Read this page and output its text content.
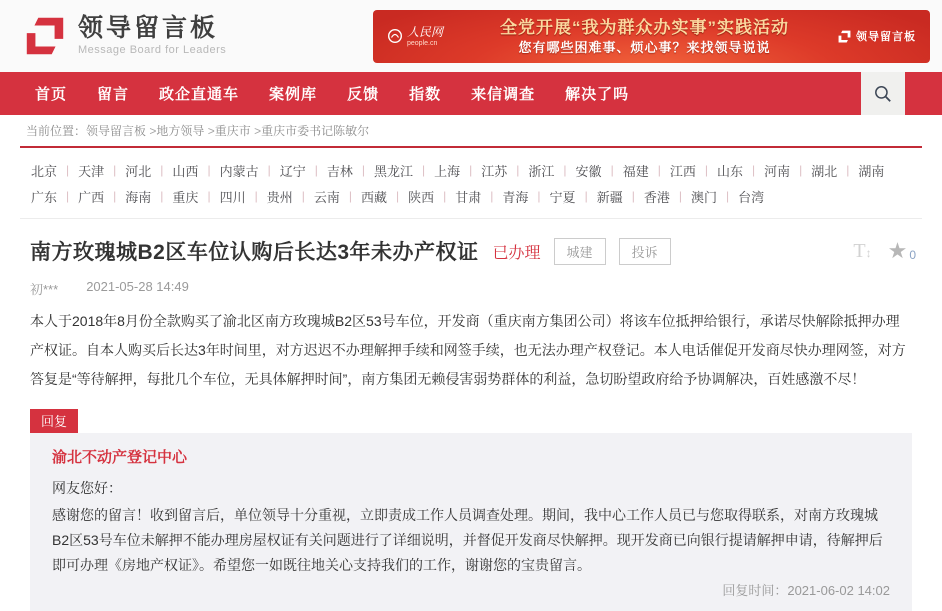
领导留言板
Message Board for Leaders
人民网
people.cn
全党开展“我为群众办实事”实践活动
您有哪些困难事、烦心事？来找领导说说
领导留言板
首页	留言	政企直通车	案例库	反馈	指数	来信调查	解决了吗
当前位置： 领导留言板 > 地方领导 > 重庆市 > 重庆市委书记陈敏尔
北京
|	天津
|	河北
|	山西
|	内蒙古
|	辽宁
|	吉林
|	黑龙江
|	上海
|	江苏
|	浙江
|	安徽
|	福建
|	江西
|	山东
|	河南
|	湖北
|	湖南
广东
|	广西
|	海南
|	重庆
|	四川
|	贵州
|	云南
|	西藏
|	陕西
|	甘肃
|	青海
|	宁夏
|	新疆
|	香港
|	澳门
|	台湾
南方玫瑰城B2区车位认购后长达3年未办产权证 已办理	城建	投诉	T↕ ★ 0
初*** 2021-05-28 14:49

本人于2018年8月份全款购买了渝北区南方玫瑰城B2区53号车位，开发商（重庆南方集团公司）将该车位抵押给银行，承诺尽快解除抵押办理产权证。自本人购买后长达3年时间里，对方迟迟不办理解押手续和网签手续，也无法办理产权登记。本人电话催促开发商尽快办理网签，对方答复是“等待解押，每批几个车位，无具体解押时间”，南方集团无赖侵害弱势群体的利益，急切盼望政府给予协调解决，百姓感激不尽！

回复
渝北不动产登记中心
网友您好：
感谢您的留言！收到留言后，单位领导十分重视，立即责成工作人员调查处理。期间，我中心工作人员已与您取得联系，对南方玫瑰城B2区53号车位未解押不能办理房屋权证有关问题进行了详细说明，并督促开发商尽快解押。现开发商已向银行提请解押申请，待解押后即可办理《房地产权证》。希望您一如既往地关心支持我们的工作，谢谢您的宝贵留言。
回复时间：2021-06-02 14:02
